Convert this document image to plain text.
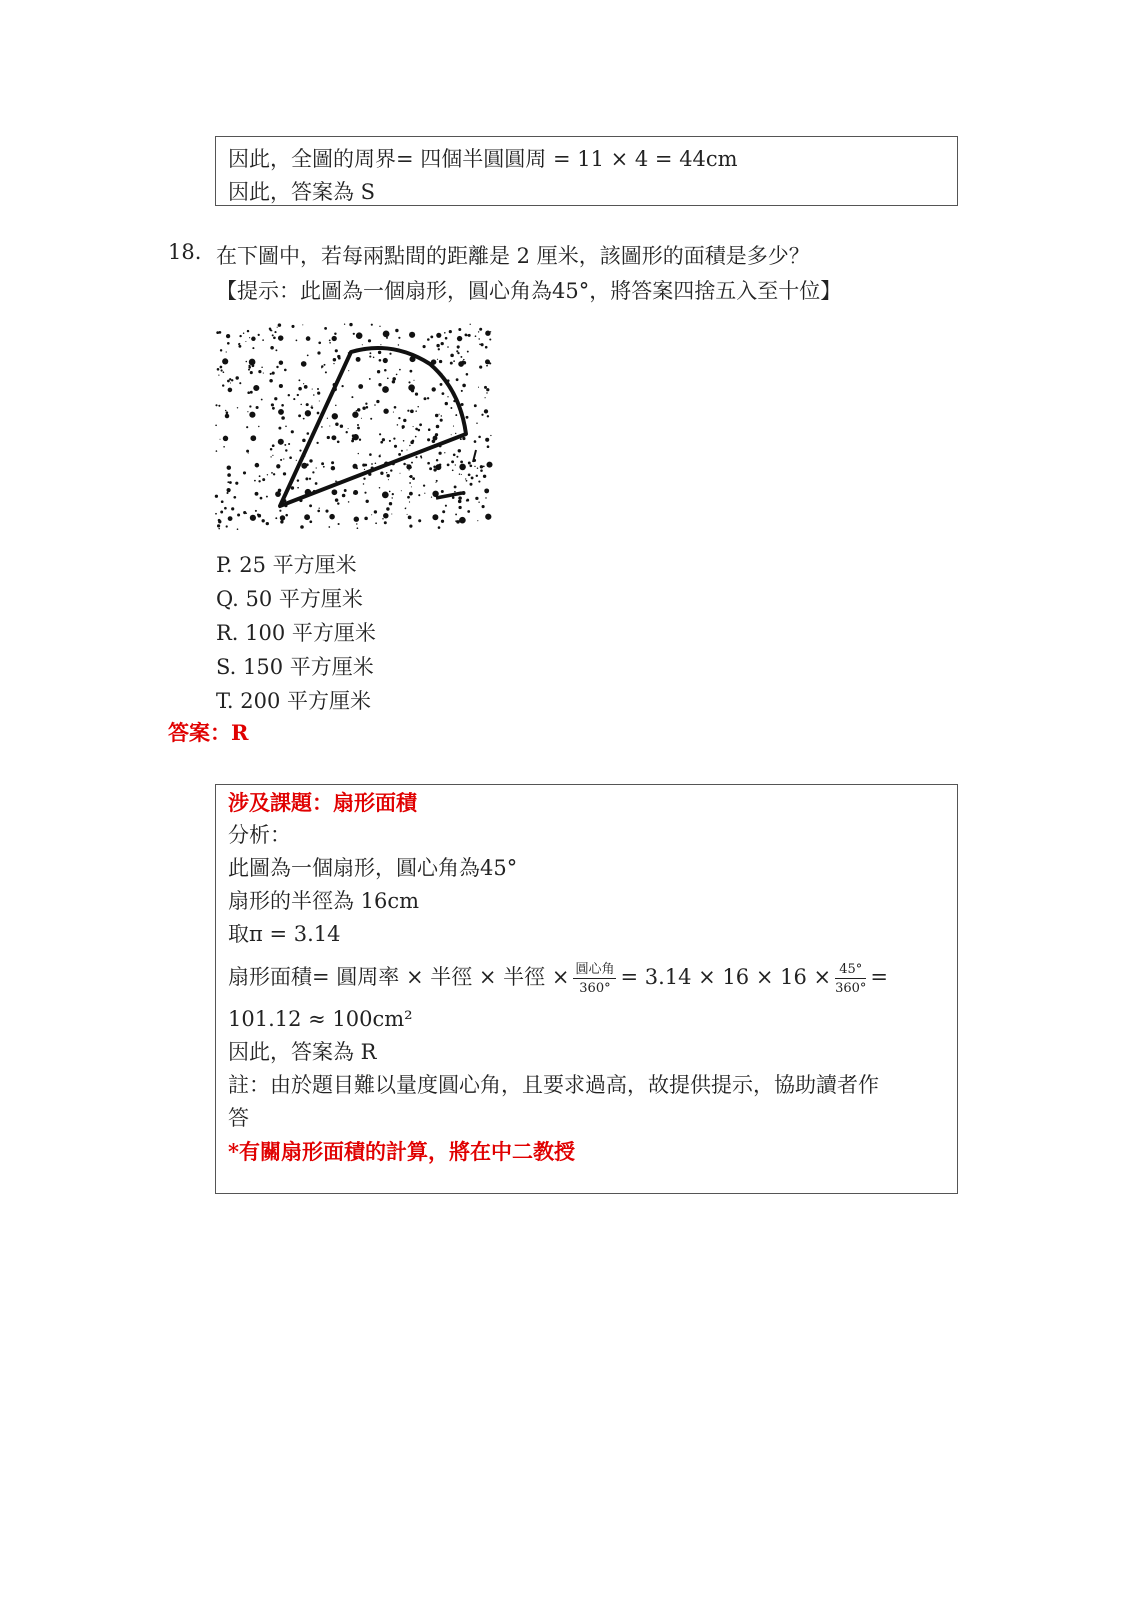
因此，全圖的周界= 四個半圓圓周 = 11 × 4 = 44cm
因此，答案為 S
18. 在下圖中，若每兩點間的距離是 2 厘米，該圖形的面積是多少？
【提示：此圖為一個扇形，圓心角為45°，將答案四捨五入至十位】
P. 25 平方厘米
Q. 50 平方厘米
R. 100 平方厘米
S. 150 平方厘米
T. 200 平方厘米
答案：R
涉及課題：扇形面積
分析：
此圖為一個扇形，圓心角為45°
扇形的半徑為 16cm
取π = 3.14
扇形面積= 圓周率 × 半徑 × 半徑 × $\frac{\text{圓心角}}{360^\circ} = 3.14 \times 16 \times 16 \times \frac{45^\circ}{360^\circ}$ =
101.12 ≈ 100cm²
因此，答案為 R
註：由於題目難以量度圓心角，且要求過高，故提供提示，協助讀者作
答
*有關扇形面積的計算，將在中二教授
